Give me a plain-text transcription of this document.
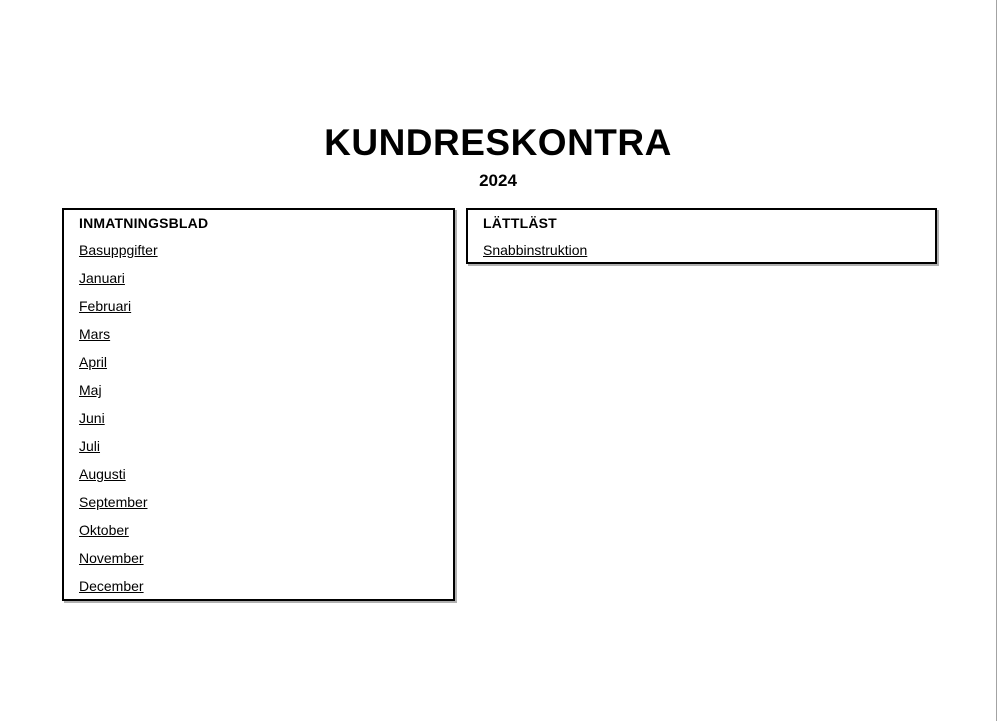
KUNDRESKONTRA
2024
INMATNINGSBLAD
Basuppgifter
Januari
Februari
Mars
April
Maj
Juni
Juli
Augusti
September
Oktober
November
December
LÄTTLÄST
Snabbinstruktion
